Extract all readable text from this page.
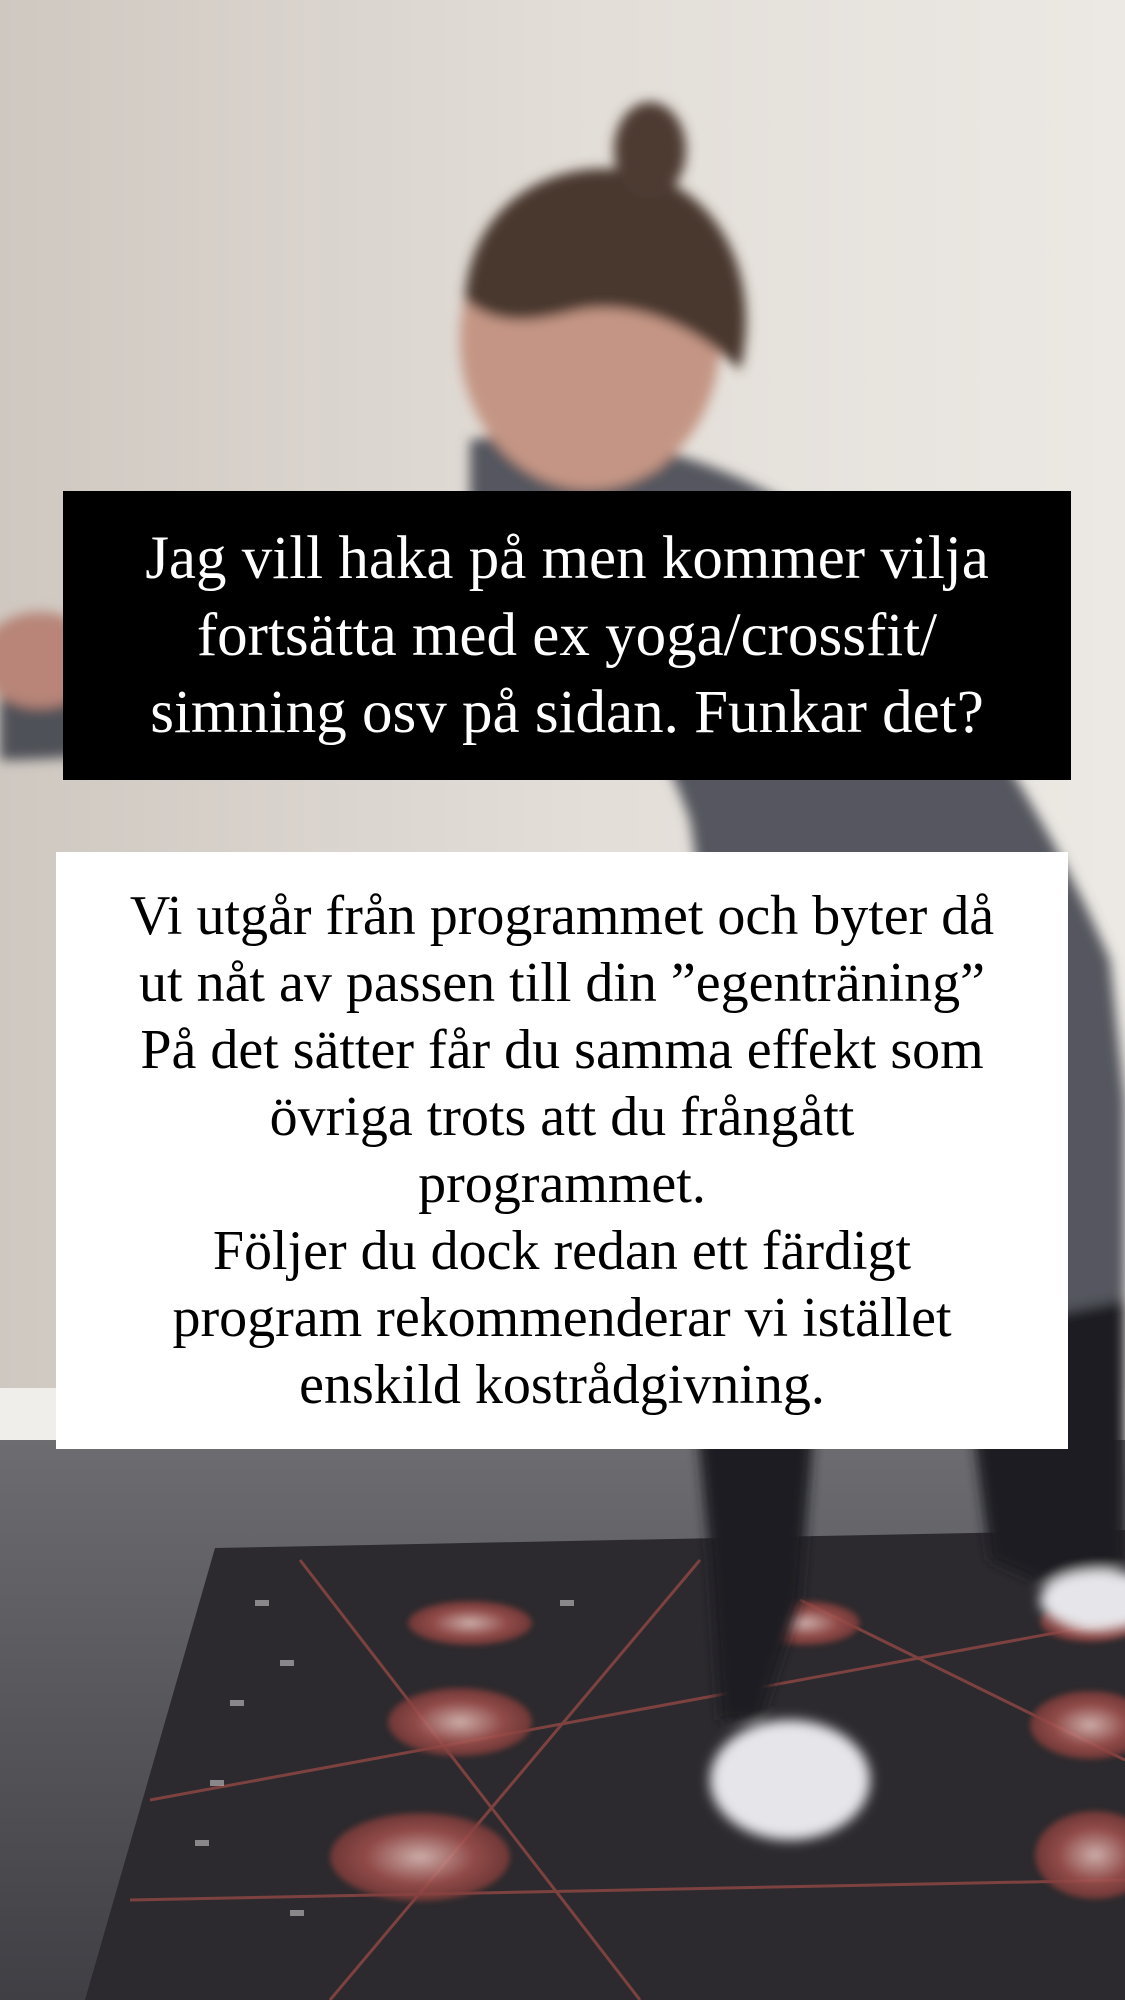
Jag vill haka på men kommer vilja
fortsätta med ex yoga/crossfit/
simning osv på sidan. Funkar det?
Vi utgår från programmet och byter då
ut nåt av passen till din ”egenträning”
På det sätter får du samma effekt som
övriga trots att du frångått
programmet.
Följer du dock redan ett färdigt
program rekommenderar vi istället
enskild kostrådgivning.
